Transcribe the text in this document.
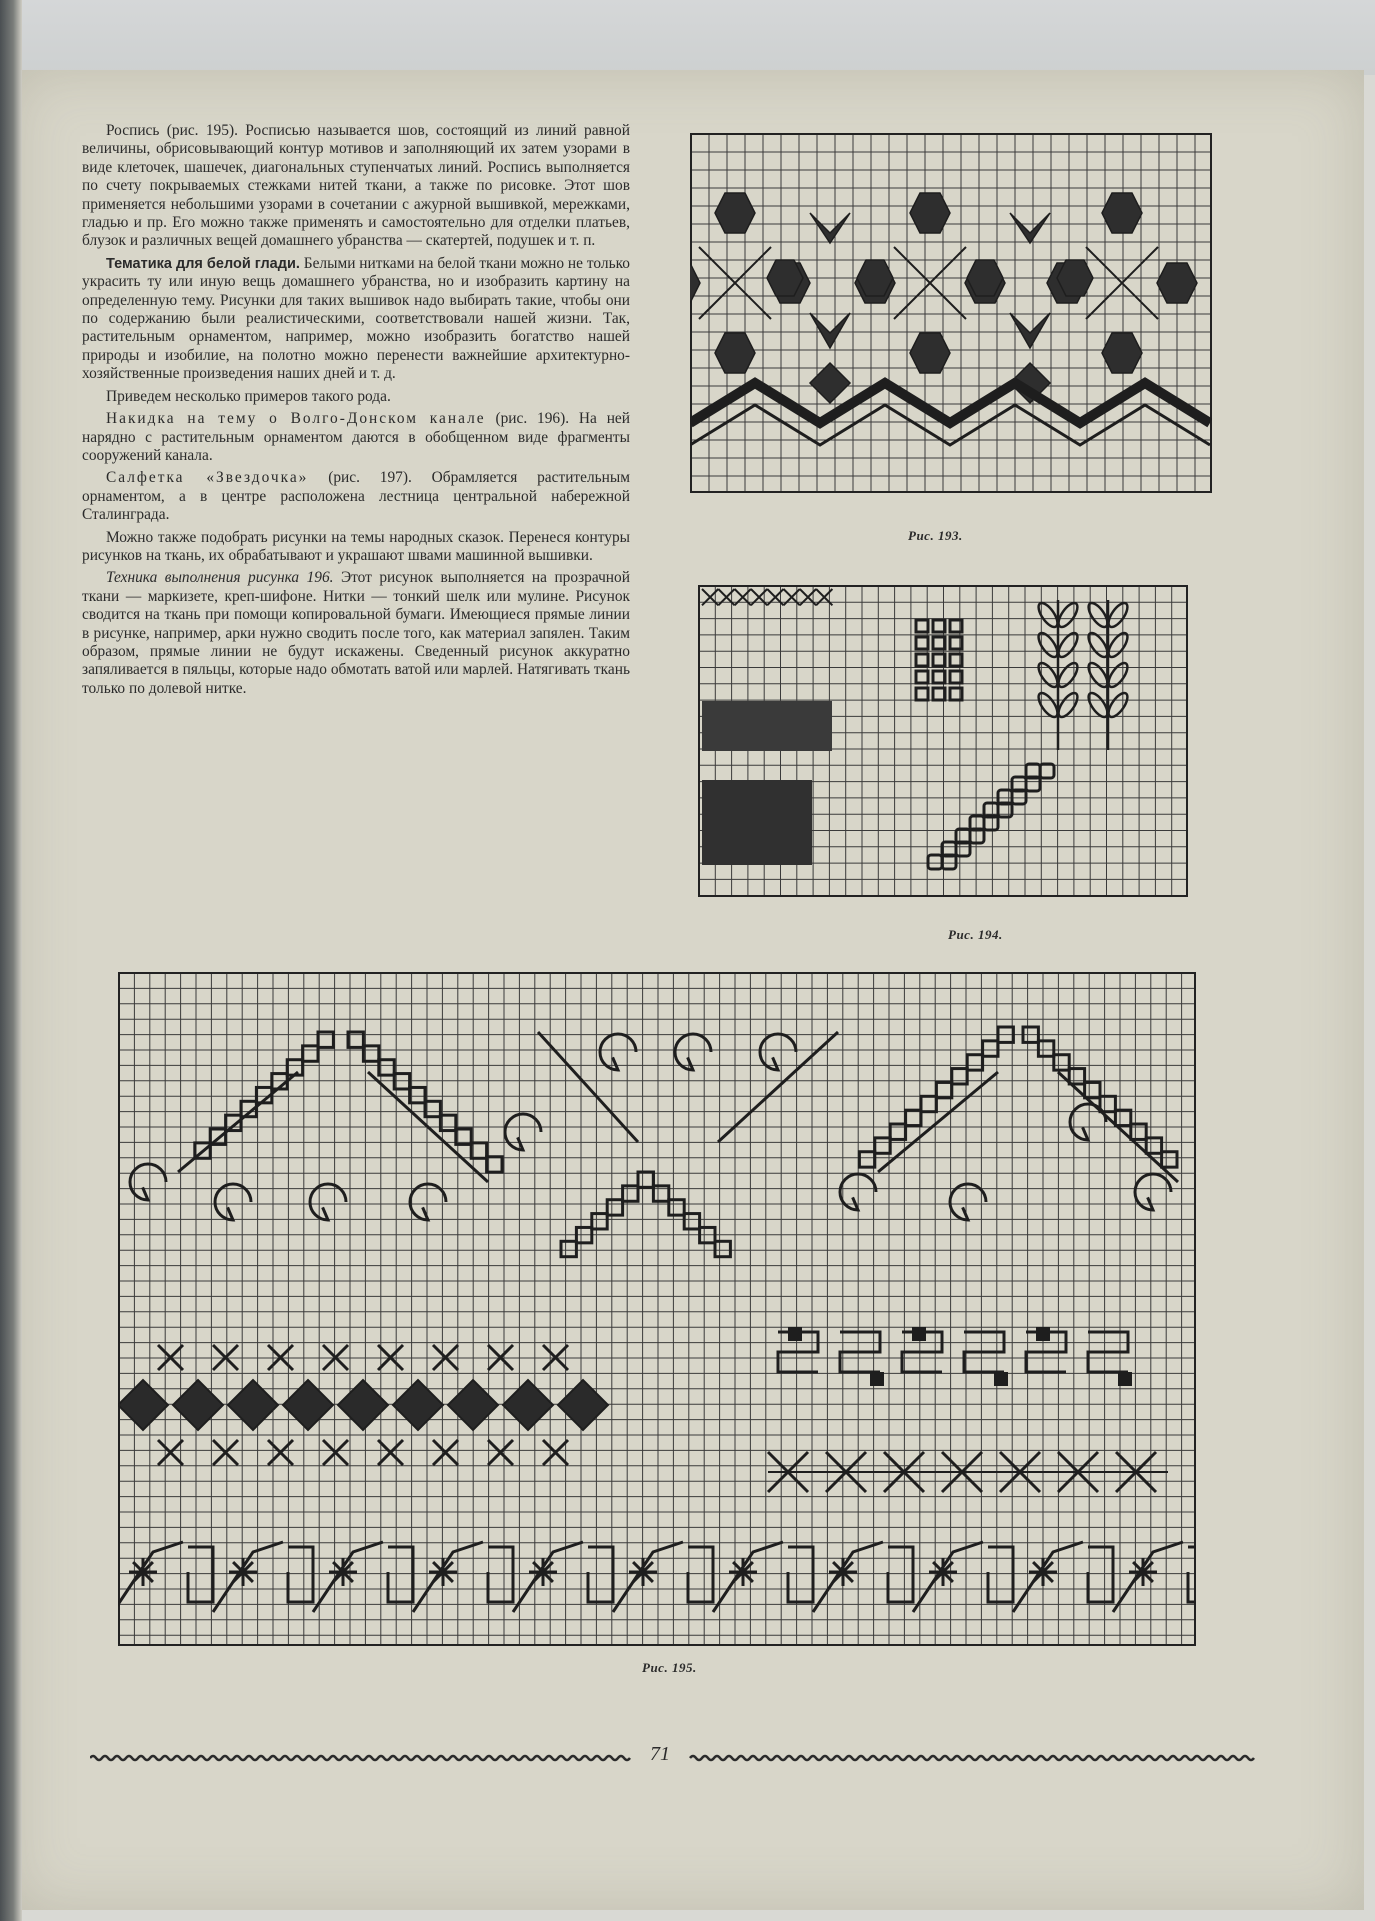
Роспись (рис. 195). Росписью называется шов, состоящий из линий равной величины, обрисовывающий контур мотивов и заполняющий их затем узорами в виде клеточек, шашечек, диагональных ступенчатых линий. Роспись выполняется по счету покрываемых стежками нитей ткани, а также по рисовке. Этот шов применяется небольшими узорами в сочетании с ажурной вышивкой, мережками, гладью и пр. Его можно также применять и самостоятельно для отделки платьев, блузок и различных вещей домашнего убранства — скатертей, подушек и т. п.

Тематика для белой глади. Белыми нитками на белой ткани можно не только украсить ту или иную вещь домашнего убранства, но и изобразить картину на определенную тему. Рисунки для таких вышивок надо выбирать такие, чтобы они по содержанию были реалистическими, соответствовали нашей жизни. Так, растительным орнаментом, например, можно изобразить богатство нашей природы и изобилие, на полотно можно перенести важнейшие архитектурно-хозяйственные произведения наших дней и т. д.

Приведем несколько примеров такого рода.

Накидка на тему о Волго-Донском канале (рис. 196). На ней нарядно с растительным орнаментом даются в обобщенном виде фрагменты сооружений канала.

Салфетка «Звездочка» (рис. 197). Обрамляется растительным орнаментом, а в центре расположена лестница центральной набережной Сталинграда.

Можно также подобрать рисунки на темы народных сказок. Перенеся контуры рисунков на ткань, их обрабатывают и украшают швами машинной вышивки.

Техника выполнения рисунка 196. Этот рисунок выполняется на прозрачной ткани — маркизете, креп-шифоне. Нитки — тонкий шелк или мулине. Рисунок сводится на ткань при помощи копировальной бумаги. Имеющиеся прямые линии в рисунке, например, арки нужно сводить после того, как материал запялен. Таким образом, прямые линии не будут искажены. Сведенный рисунок аккуратно запяливается в пяльцы, которые надо обмотать ватой или марлей. Натягивать ткань только по долевой нитке.

Рис. 193.
Рис. 194.
Рис. 195.
71
